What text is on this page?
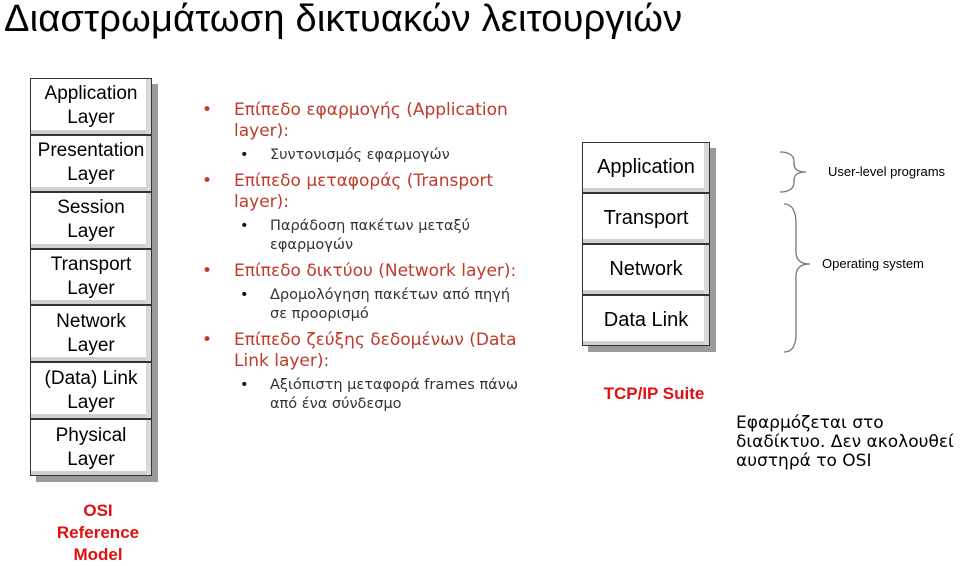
Διαστρωμάτωση δικτυακών λειτουργιών
Application
Layer
Presentation
Layer
Session
Layer
Transport
Layer
Network
Layer
(Data) Link
Layer
Physical
Layer
OSI
Reference
Model
• Επίπεδο εφαρμογής (Application layer):
• Συντονισμός εφαρμογών
• Επίπεδο μεταφοράς (Transport layer):
• Παράδοση πακέτων μεταξύ εφαρμογών
• Επίπεδο δικτύου (Network layer):
• Δρομολόγηση πακέτων από πηγή σε προορισμό
• Επίπεδο ζεύξης δεδομένων (Data Link layer):
• Αξιόπιστη μεταφορά frames πάνω από ένα σύνδεσμο
Application
Transport
Network
Data Link
TCP/IP Suite
User-level programs
Operating system
Εφαρμόζεται στο διαδίκτυο. Δεν ακολουθεί αυστηρά το OSI
